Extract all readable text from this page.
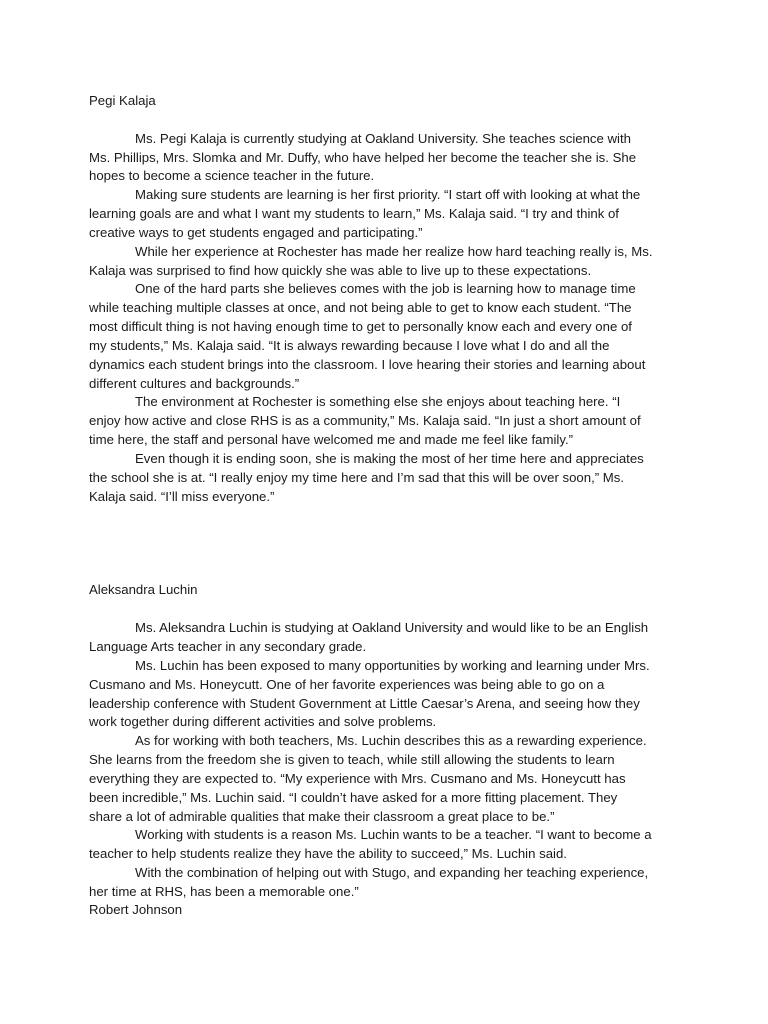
Pegi Kalaja

Ms. Pegi Kalaja is currently studying at Oakland University. She teaches science with

Ms. Phillips, Mrs. Slomka and Mr. Duffy, who have helped her become the teacher she is. She

hopes to become a science teacher in the future.

Making sure students are learning is her first priority. “I start off with looking at what the

learning goals are and what I want my students to learn,” Ms. Kalaja said. “I try and think of

creative ways to get students engaged and participating.”

While her experience at Rochester has made her realize how hard teaching really is, Ms.

Kalaja was surprised to find how quickly she was able to live up to these expectations.

One of the hard parts she believes comes with the job is learning how to manage time

while teaching multiple classes at once, and not being able to get to know each student. “The

most difficult thing is not having enough time to get to personally know each and every one of

my students,” Ms. Kalaja said. “It is always rewarding because I love what I do and all the

dynamics each student brings into the classroom. I love hearing their stories and learning about

different cultures and backgrounds.”

The environment at Rochester is something else she enjoys about teaching here. “I

enjoy how active and close RHS is as a community,” Ms. Kalaja said. “In just a short amount of

time here, the staff and personal have welcomed me and made me feel like family.”

Even though it is ending soon, she is making the most of her time here and appreciates

the school she is at. “I really enjoy my time here and I’m sad that this will be over soon,” Ms.

Kalaja said. “I’ll miss everyone.”

Aleksandra Luchin

Ms. Aleksandra Luchin is studying at Oakland University and would like to be an English

Language Arts teacher in any secondary grade.

Ms. Luchin has been exposed to many opportunities by working and learning under Mrs.

Cusmano and Ms. Honeycutt. One of her favorite experiences was being able to go on a

leadership conference with Student Government at Little Caesar’s Arena, and seeing how they

work together during different activities and solve problems.

As for working with both teachers, Ms. Luchin describes this as a rewarding experience.

She learns from the freedom she is given to teach, while still allowing the students to learn

everything they are expected to. “My experience with Mrs. Cusmano and Ms. Honeycutt has

been incredible,” Ms. Luchin said. “I couldn’t have asked for a more fitting placement. They

share a lot of admirable qualities that make their classroom a great place to be.”

Working with students is a reason Ms. Luchin wants to be a teacher. “I want to become a

teacher to help students realize they have the ability to succeed,” Ms. Luchin said.

With the combination of helping out with Stugo, and expanding her teaching experience,

her time at RHS, has been a memorable one.”

Robert Johnson
